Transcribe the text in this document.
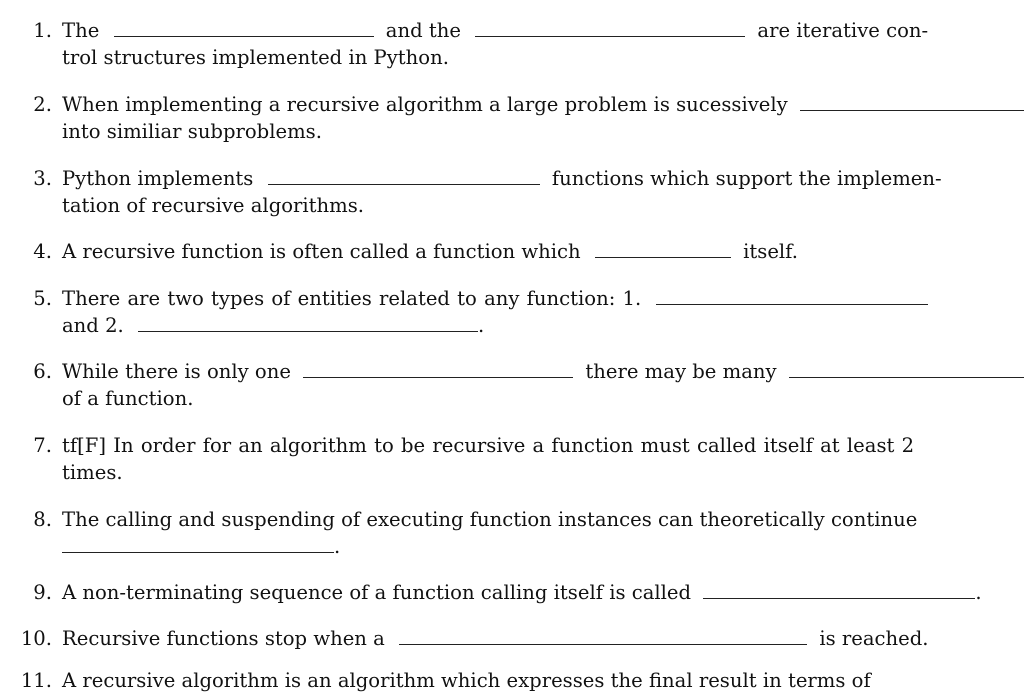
1. The	and the	are iterative con-
trol structures implemented in Python.
2. When implementing a recursive algorithm a large problem is sucessively
into similiar subproblems.
3. Python implements	functions which support the implemen-
tation of recursive algorithms.
4. A recursive function is often called a function which	itself.
5. There are two types of entities related to any function: 1.
and 2.	.
6. While there is only one	there may be many
of a function.
7. tf[F] In order for an algorithm to be recursive a function must called itself at least 2
times.
8. The calling and suspending of executing function instances can theoretically continue
.
9. A non-terminating sequence of a function calling itself is called	.
10. Recursive functions stop when a	is reached.
11. A recursive algorithm is an algorithm which expresses the final result in terms of
